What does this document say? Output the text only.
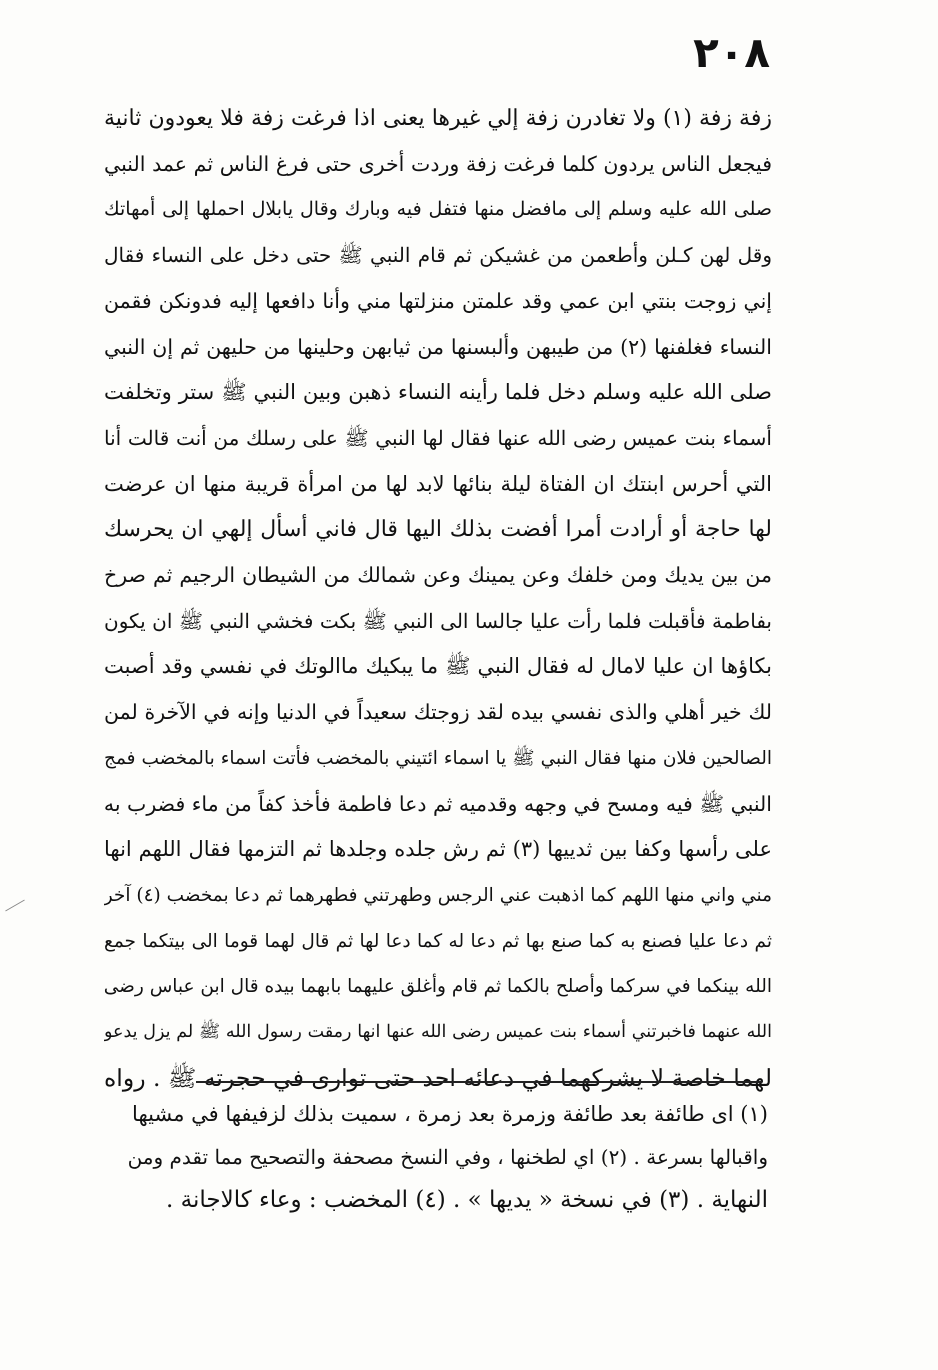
٢٠٨
زفة زفة (١) ولا تغادرن زفة إلي غيرها يعنى اذا فرغت زفة فلا يعودون ثانية
فيجعل الناس يردون كلما فرغت زفة وردت أخرى حتى فرغ الناس ثم عمد النبي
صلى الله عليه وسلم إلى مافضل منها فتفل فيه وبارك وقال يابلال احملها إلى أمهاتك
وقل لهن كـلن وأطعمن من غشيكن ثم قام النبي ﷺ حتى دخل على النساء فقال
إني زوجت بنتي ابن عمي وقد علمتن منزلتها مني وأنا دافعها إليه فدونكن فقمن
النساء فغلفنها (٢) من طيبهن وألبسنها من ثيابهن وحلينها من حليهن ثم إن النبي
صلى الله عليه وسلم دخل فلما رأينه النساء ذهبن وبين النبي ﷺ ستر وتخلفت
أسماء بنت عميس رضى الله عنها فقال لها النبي ﷺ على رسلك من أنت قالت أنا
التي أحرس ابنتك ان الفتاة ليلة بنائها لابد لها من امرأة قريبة منها ان عرضت
لها حاجة أو أرادت أمرا أفضت بذلك اليها قال فاني أسأل إلهي ان يحرسك
من بين يديك ومن خلفك وعن يمينك وعن شمالك من الشيطان الرجيم ثم صرخ
بفاطمة فأقبلت فلما رأت عليا جالسا الى النبي ﷺ بكت فخشي النبي ﷺ ان يكون
بكاؤها ان عليا لامال له فقال النبي ﷺ ما يبكيك ماالوتك في نفسي وقد أصبت
لك خير أهلي والذى نفسي بيده لقد زوجتك سعيداً في الدنيا وإنه في الآخرة لمن
الصالحين فلان منها فقال النبي ﷺ يا اسماء ائتيني بالمخضب فأتت اسماء بالمخضب فمج
النبي ﷺ فيه ومسح في وجهه وقدميه ثم دعا فاطمة فأخذ كفاً من ماء فضرب به
على رأسها وكفا بين ثدييها (٣) ثم رش جلده وجلدها ثم التزمها فقال اللهم انها
مني واني منها اللهم كما اذهبت عني الرجس وطهرتني فطهرهما ثم دعا بمخضب (٤) آخر
ثم دعا عليا فصنع به كما صنع بها ثم دعا له كما دعا لها ثم قال لهما قوما الى بيتكما جمع
الله بينكما في سركما وأصلح بالكما ثم قام وأغلق عليهما بابهما بيده قال ابن عباس رضى
الله عنهما فاخبرتني أسماء بنت عميس رضى الله عنها انها رمقت رسول الله ﷺ لم يزل يدعو
لهما خاصة لا يشركهما في دعائه احد حتى توارى في حجرته ﷺ . رواه
(١) اى طائفة بعد طائفة وزمرة بعد زمرة ، سميت بذلك لزفيفها في مشيها
واقبالها بسرعة . (٢) اي لطخنها ، وفي النسخ مصحفة والتصحيح مما تقدم ومن
النهاية . (٣) في نسخة « يديها » . (٤) المخضب : وعاء كالاجانة .
